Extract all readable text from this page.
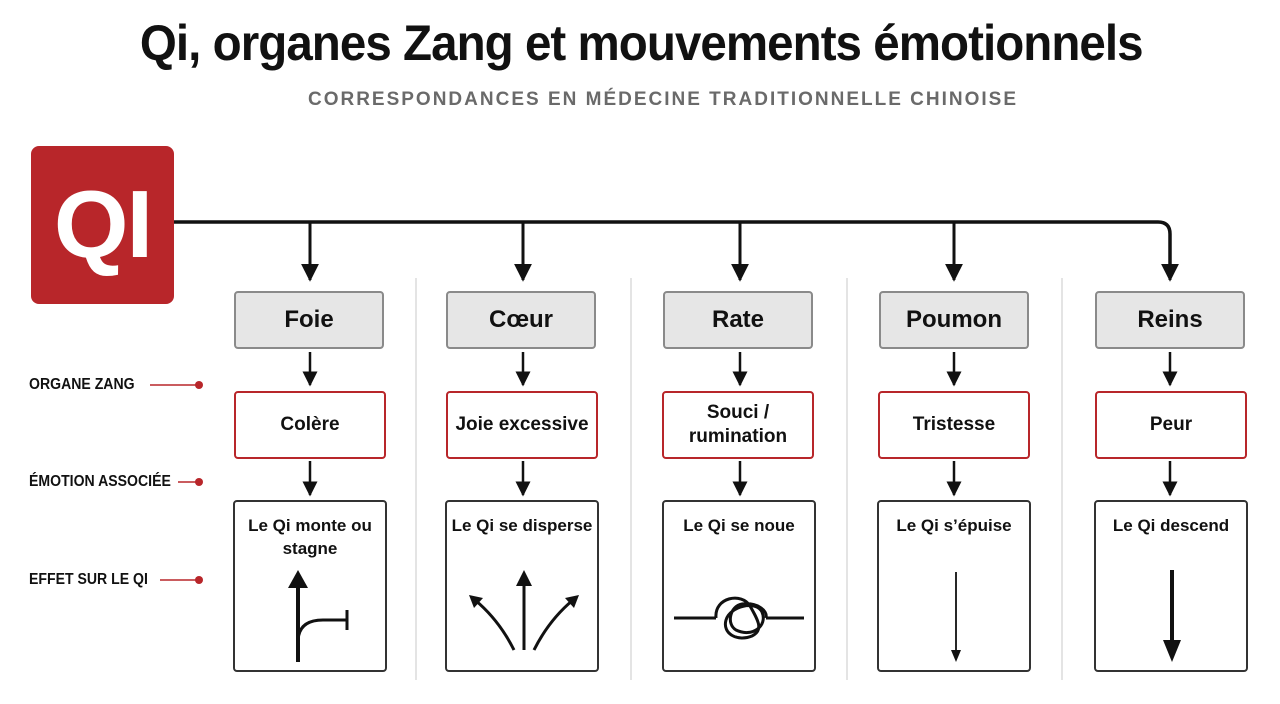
Qi, organes Zang et mouvements émotionnels
CORRESPONDANCES EN MÉDECINE TRADITIONNELLE CHINOISE
QI
ORGANE ZANG
ÉMOTION ASSOCIÉE
EFFET SUR LE QI
Foie
Colère
Le Qi monte ou stagne
Cœur
Joie excessive
Le Qi se disperse
Rate
Souci / rumination
Le Qi se noue
Poumon
Tristesse
Le Qi s’épuise
Reins
Peur
Le Qi descend
